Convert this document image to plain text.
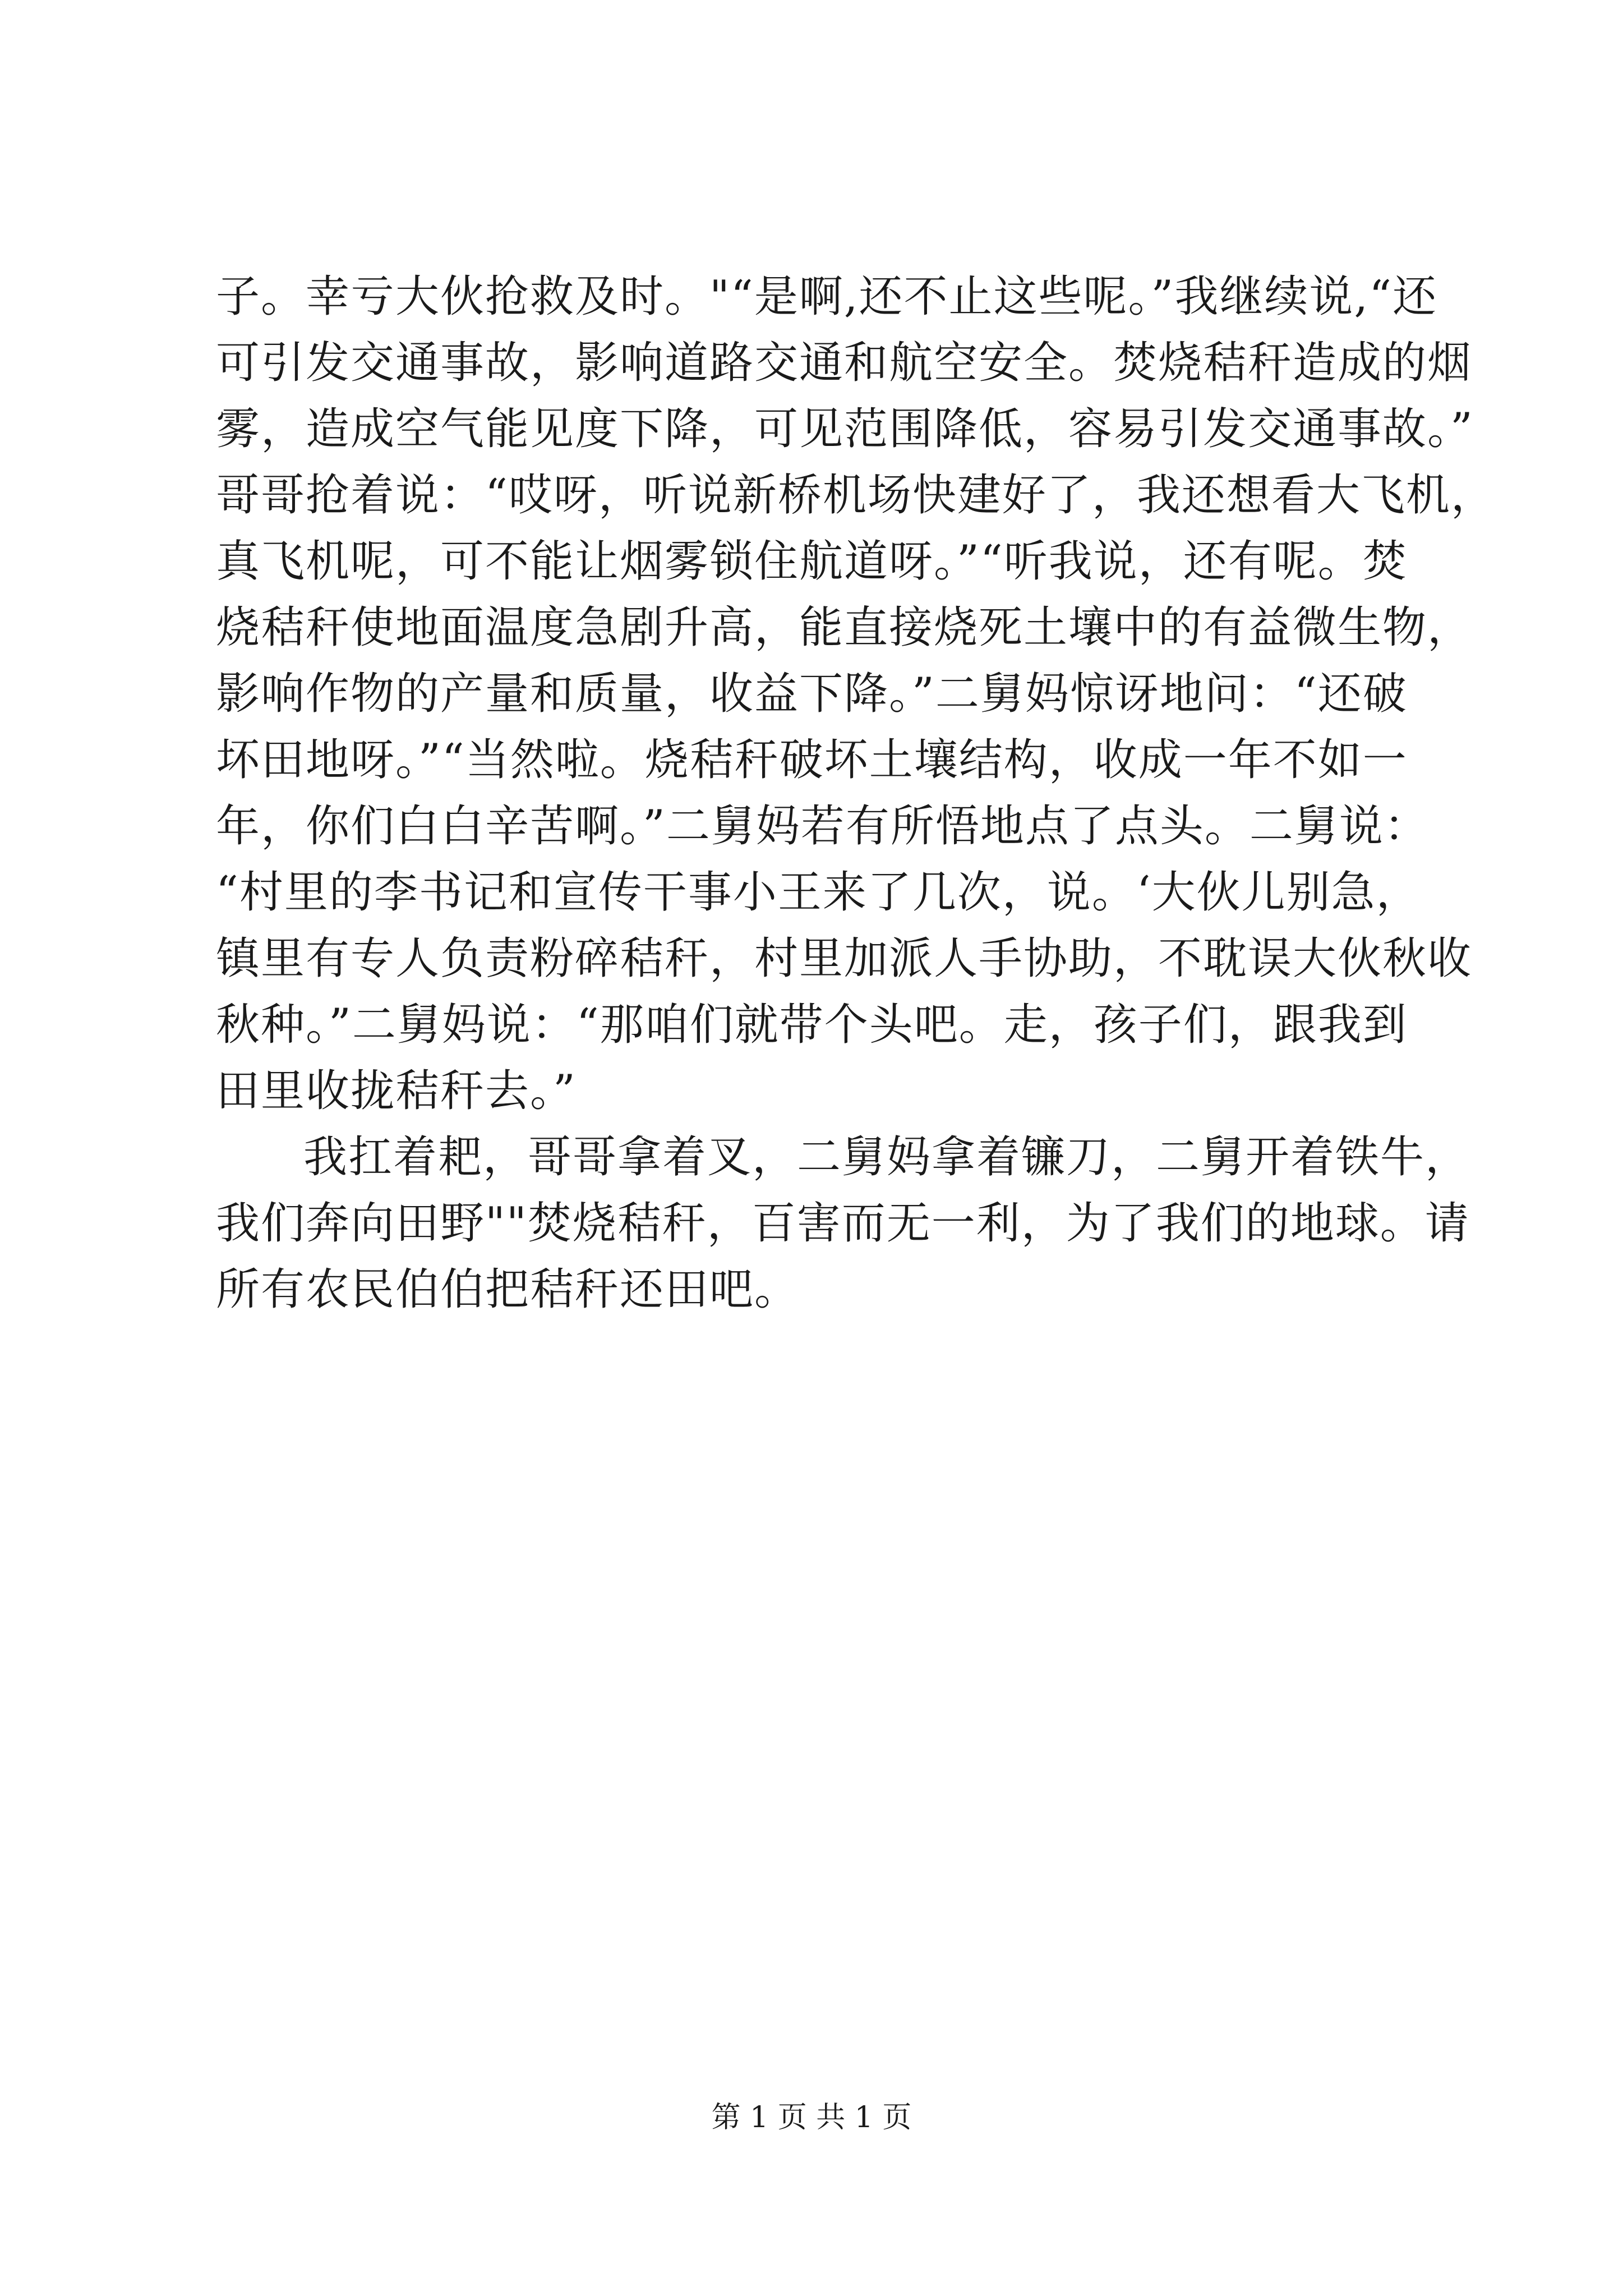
子。幸亏大伙抢救及时。"“是啊,还不止这些呢。”我继续说,“还
可引发交通事故，影响道路交通和航空安全。焚烧秸秆造成的烟
雾，造成空气能见度下降，可见范围降低，容易引发交通事故。”
哥哥抢着说：“哎呀，听说新桥机场快建好了，我还想看大飞机，
真飞机呢，可不能让烟雾锁住航道呀。”“听我说，还有呢。焚
烧秸秆使地面温度急剧升高，能直接烧死土壤中的有益微生物，
影响作物的产量和质量，收益下降。”二舅妈惊讶地问：“还破
坏田地呀。”“当然啦。烧秸秆破坏土壤结构，收成一年不如一
年，你们白白辛苦啊。”二舅妈若有所悟地点了点头。二舅说：
“村里的李书记和宣传干事小王来了几次，说。‘大伙儿别急，
镇里有专人负责粉碎秸秆，村里加派人手协助，不耽误大伙秋收
秋种。”二舅妈说：“那咱们就带个头吧。走，孩子们，跟我到
田里收拢秸秆去。”
我扛着耙，哥哥拿着叉，二舅妈拿着镰刀，二舅开着铁牛，
我们奔向田野""焚烧秸秆，百害而无一利，为了我们的地球。请
所有农民伯伯把秸秆还田吧。
第 1 页 共 1 页
